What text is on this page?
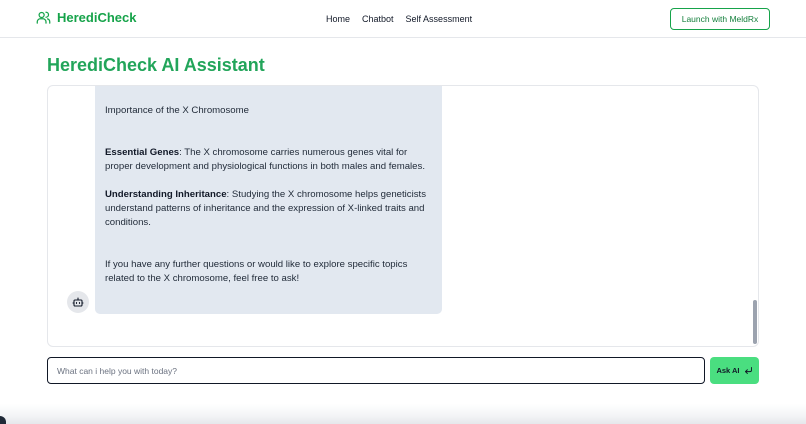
HerediCheck	Home Chatbot Self Assessment	Launch with MeldRx
HerediCheck AI Assistant

Importance of the X Chromosome

Essential Genes: The X chromosome carries numerous genes vital for proper development and physiological functions in both males and females.

Understanding Inheritance: Studying the X chromosome helps geneticists understand patterns of inheritance and the expression of X-linked traits and conditions.

If you have any further questions or would like to explore specific topics related to the X chromosome, feel free to ask!

What can i help you with today?
Ask AI
